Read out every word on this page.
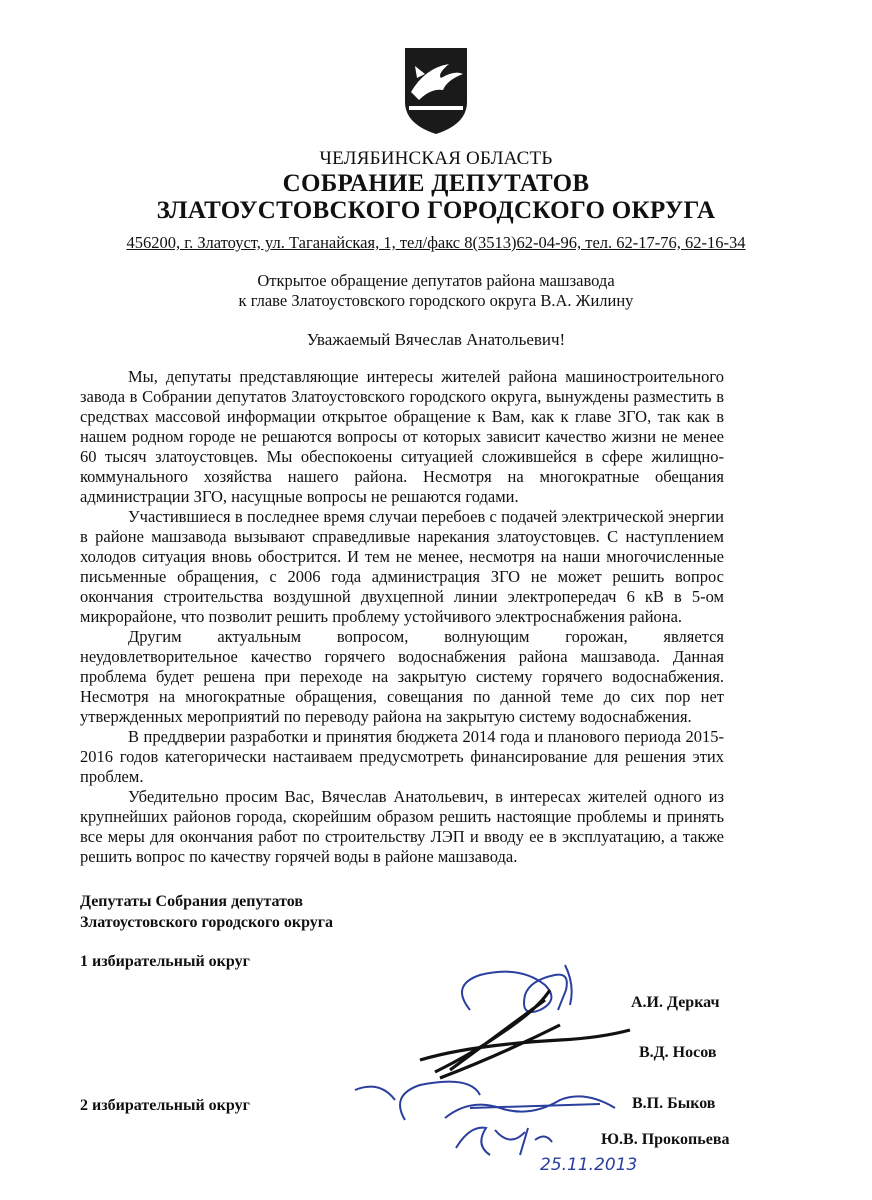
ЧЕЛЯБИНСКАЯ ОБЛАСТЬ
СОБРАНИЕ ДЕПУТАТОВ
ЗЛАТОУСТОВСКОГО ГОРОДСКОГО ОКРУГА
456200, г. Златоуст, ул. Таганайская, 1, тел/факс 8(3513)62-04-96, тел. 62-17-76, 62-16-34
Открытое обращение депутатов района машзавода
к главе Златоустовского городского округа В.А. Жилину
Уважаемый Вячеслав Анатольевич!

Мы, депутаты представляющие интересы жителей района машиностроительного завода в Собрании депутатов Златоустовского городского округа, вынуждены разместить в средствах массовой информации открытое обращение к Вам, как к главе ЗГО, так как в нашем родном городе не решаются вопросы от которых зависит качество жизни не менее 60 тысяч златоустовцев. Мы обеспокоены ситуацией сложившейся в сфере жилищно-коммунального хозяйства нашего района. Несмотря на многократные обещания администрации ЗГО, насущные вопросы не решаются годами.

Участившиеся в последнее время случаи перебоев с подачей электрической энергии в районе машзавода вызывают справедливые нарекания златоустовцев. С наступлением холодов ситуация вновь обострится. И тем не менее, несмотря на наши многочисленные письменные обращения, с 2006 года администрация ЗГО не может решить вопрос окончания строительства воздушной двухцепной линии электропередач 6 кВ в 5-ом микрорайоне, что позволит решить проблему устойчивого электроснабжения района.

Другим актуальным вопросом, волнующим горожан, является неудовлетворительное качество горячего водоснабжения района машзавода. Данная проблема будет решена при переходе на закрытую систему горячего водоснабжения. Несмотря на многократные обращения, совещания по данной теме до сих пор нет утвержденных мероприятий по переводу района на закрытую систему водоснабжения.

В преддверии разработки и принятия бюджета 2014 года и планового периода 2015-2016 годов категорически настаиваем предусмотреть финансирование для решения этих проблем.

Убедительно просим Вас, Вячеслав Анатольевич, в интересах жителей одного из крупнейших районов города, скорейшим образом решить настоящие проблемы и принять все меры для окончания работ по строительству ЛЭП и вводу ее в эксплуатацию, а также решить вопрос по качеству горячей воды в районе машзавода.

Депутаты Собрания депутатов
Златоустовского городского округа
1 избирательный округ
2 избирательный округ
А.И. Деркач
В.Д. Носов
В.П. Быков
Ю.В. Прокопьева
25.11.2013
